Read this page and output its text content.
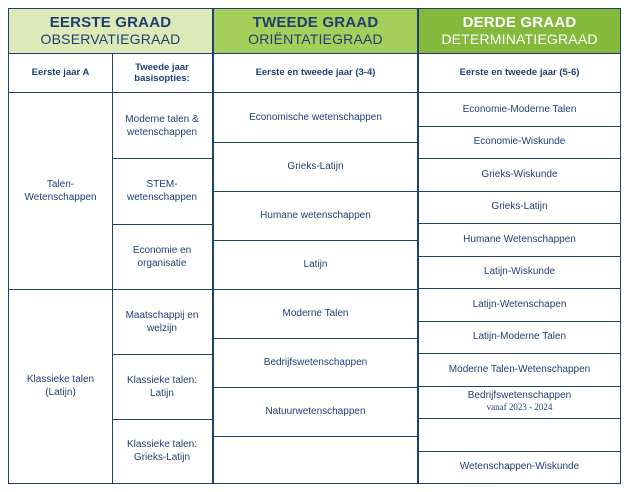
EERSTE GRAAD
OBSERVATIEGRAAD
Eerste jaar A
Tweede jaar basisopties:
Talen-Wetenschappen
Klassieke talen (Latijn)
Moderne talen & wetenschappen
STEM-wetenschappen
Economie en organisatie
Maatschappij en welzijn
Klassieke talen: Latijn
Klassieke talen: Grieks-Latijn
TWEEDE GRAAD
ORIËNTATIEGRAAD
Eerste en tweede jaar (3-4)
Economische wetenschappen
Grieks-Latijn
Humane wetenschappen
Latijn
Moderne Talen
Bedrijfswetenschappen
Natuurwetenschappen
DERDE GRAAD
DETERMINATIEGRAAD
Eerste en tweede jaar (5-6)
Economie-Moderne Talen
Economie-Wiskunde
Grieks-Wiskunde
Grieks-Latijn
Humane Wetenschappen
Latijn-Wiskunde
Latijn-Wetenschapen
Latijn-Moderne Talen
Moderne Talen-Wetenschappen
Bedrijfswetenschappen
vanaf 2023 - 2024
Wetenschappen-Wiskunde
